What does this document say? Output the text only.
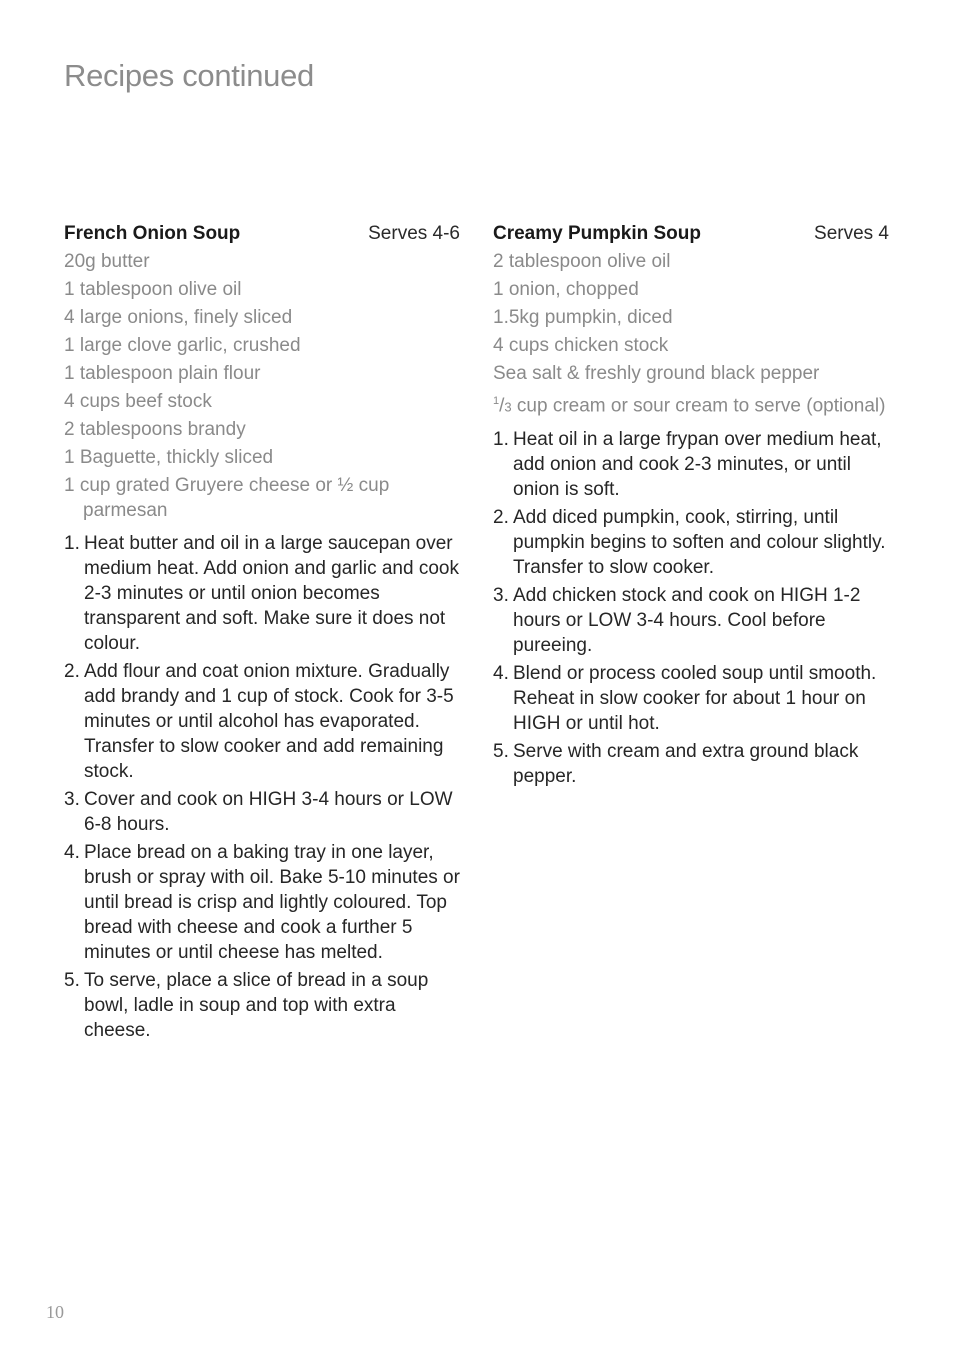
Recipes continued
French Onion Soup	Serves 4-6
20g butter
1 tablespoon olive oil
4 large onions, finely sliced
1 large clove garlic, crushed
1 tablespoon plain flour
4 cups beef stock
2 tablespoons brandy
1 Baguette, thickly sliced
1 cup grated Gruyere cheese or ½ cup parmesan
1. Heat butter and oil in a large saucepan over medium heat. Add onion and garlic and cook 2-3 minutes or until onion becomes transparent and soft. Make sure it does not colour.
2. Add flour and coat onion mixture. Gradually add brandy and 1 cup of stock. Cook for 3-5 minutes or until alcohol has evaporated. Transfer to slow cooker and add remaining stock.
3. Cover and cook on HIGH 3-4 hours or LOW 6-8 hours.
4. Place bread on a baking tray in one layer, brush or spray with oil. Bake 5-10 minutes or until bread is crisp and lightly coloured. Top bread with cheese and cook a further 5 minutes or until cheese has melted.
5. To serve, place a slice of bread in a soup bowl, ladle in soup and top with extra cheese.
Creamy Pumpkin Soup	Serves 4
2 tablespoon olive oil
1 onion, chopped
1.5kg pumpkin, diced
4 cups chicken stock
Sea salt & freshly ground black pepper
$^1$/3 cup cream or sour cream to serve (optional)
1. Heat oil in a large frypan over medium heat, add onion and cook 2-3 minutes, or until onion is soft.
2. Add diced pumpkin, cook, stirring, until pumpkin begins to soften and colour slightly. Transfer to slow cooker.
3. Add chicken stock and cook on HIGH 1-2 hours or LOW 3-4 hours. Cool before pureeing.
4. Blend or process cooled soup until smooth. Reheat in slow cooker for about 1 hour on HIGH or until hot.
5. Serve with cream and extra ground black pepper.
10
